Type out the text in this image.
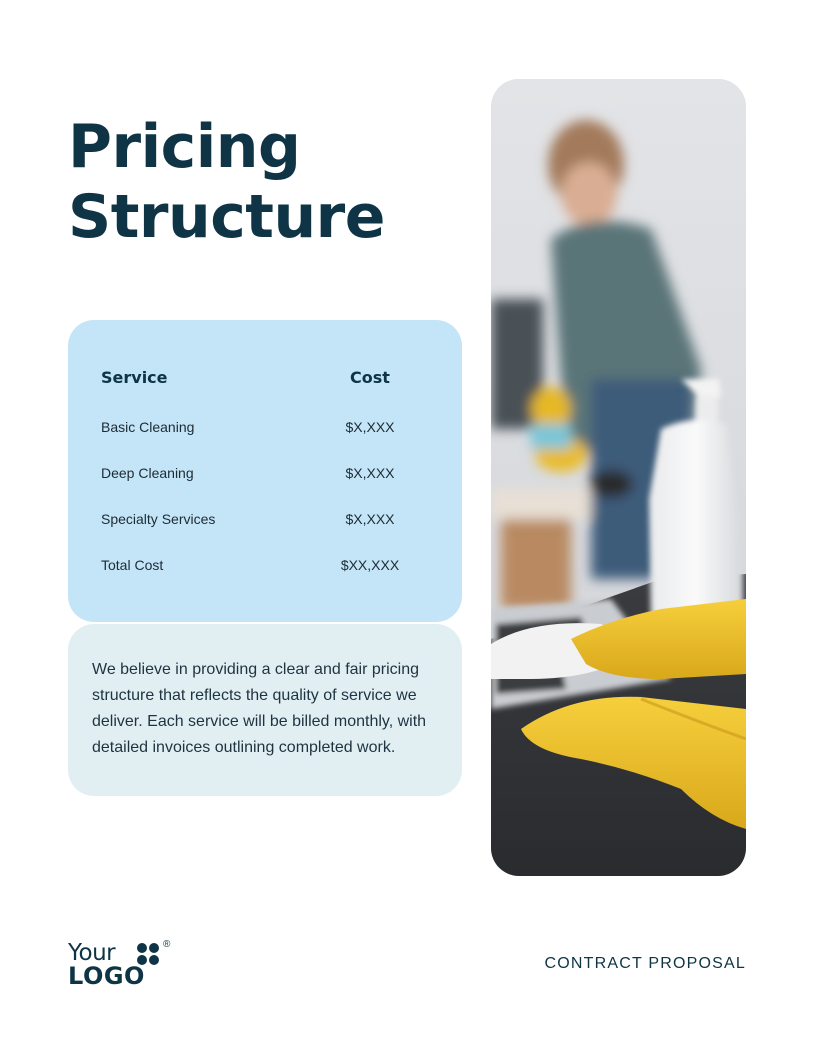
Pricing
Structure
Service	Cost
Basic Cleaning	$X,XXX
Deep Cleaning	$X,XXX
Specialty Services	$X,XXX
Total Cost	$XX,XXX

We believe in providing a clear and fair pricing structure that reflects the quality of service we deliver. Each service will be billed monthly, with detailed invoices outlining completed work.

Your	®
LOGO	CONTRACT PROPOSAL
